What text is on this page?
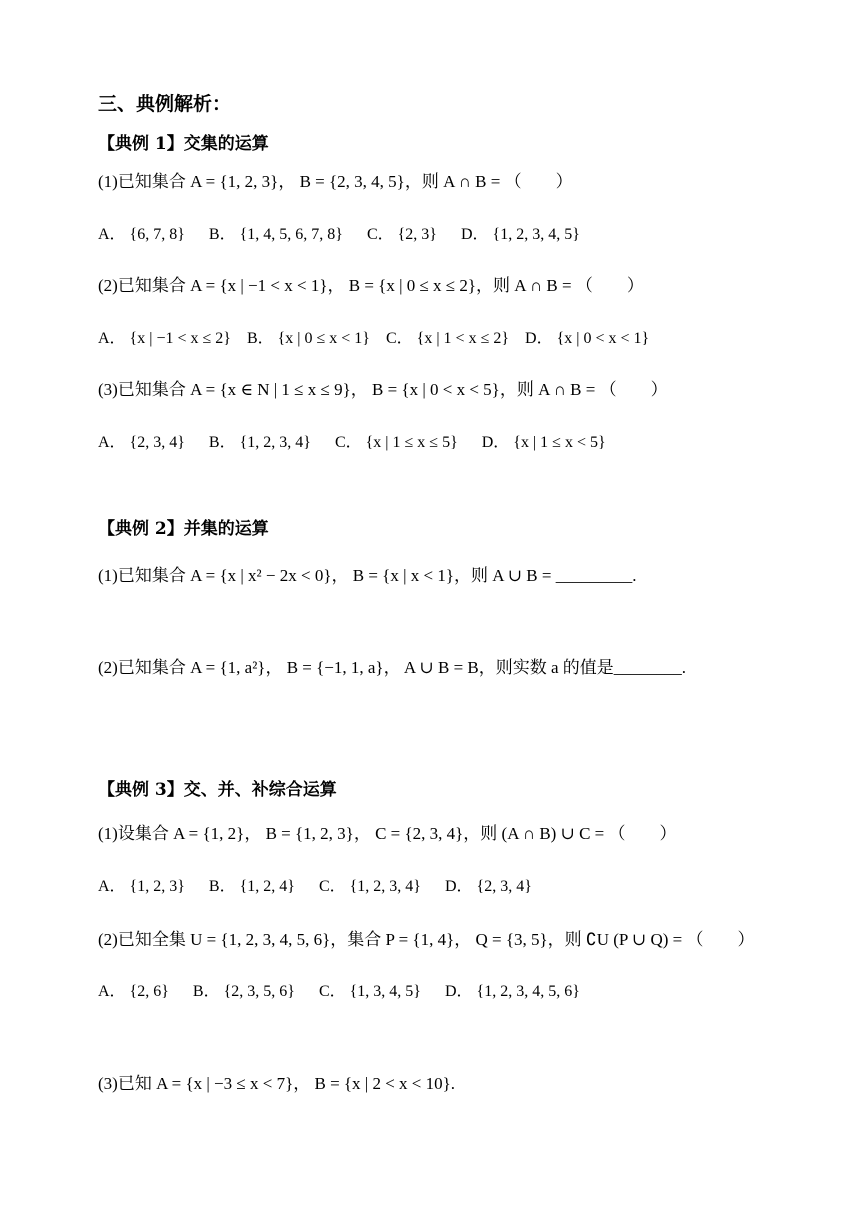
三、典例解析：
【典例 1】交集的运算
(1)已知集合 A = {1, 2, 3}， B = {2, 3, 4, 5}，则 A ∩ B = （        ）
A． {6, 7, 8}      B． {1, 4, 5, 6, 7, 8}      C． {2, 3}      D． {1, 2, 3, 4, 5}
(2)已知集合 A = {x | −1 < x < 1}， B = {x | 0 ≤ x ≤ 2}，则 A ∩ B = （        ）
A． {x | −1 < x ≤ 2}    B． {x | 0 ≤ x < 1}    C． {x | 1 < x ≤ 2}    D． {x | 0 < x < 1}
(3)已知集合 A = {x ∈ N | 1 ≤ x ≤ 9}， B = {x | 0 < x < 5}，则 A ∩ B = （        ）
A． {2, 3, 4}      B． {1, 2, 3, 4}      C． {x | 1 ≤ x ≤ 5}      D． {x | 1 ≤ x < 5}
【典例 2】并集的运算
(1)已知集合 A = {x | x² − 2x < 0}， B = {x | x < 1}，则 A ∪ B = _________.
(2)已知集合 A = {1, a²}， B = {−1, 1, a}， A ∪ B = B，则实数 a 的值是________.
【典例 3】交、并、补综合运算
(1)设集合 A = {1, 2}， B = {1, 2, 3}， C = {2, 3, 4}，则 (A ∩ B) ∪ C = （        ）
A． {1, 2, 3}      B． {1, 2, 4}      C． {1, 2, 3, 4}      D． {2, 3, 4}
(2)已知全集 U = {1, 2, 3, 4, 5, 6}，集合 P = {1, 4}， Q = {3, 5}，则 ∁U (P ∪ Q) = （        ）
A． {2, 6}      B． {2, 3, 5, 6}      C． {1, 3, 4, 5}      D． {1, 2, 3, 4, 5, 6}
(3)已知 A = {x | −3 ≤ x < 7}， B = {x | 2 < x < 10}.
